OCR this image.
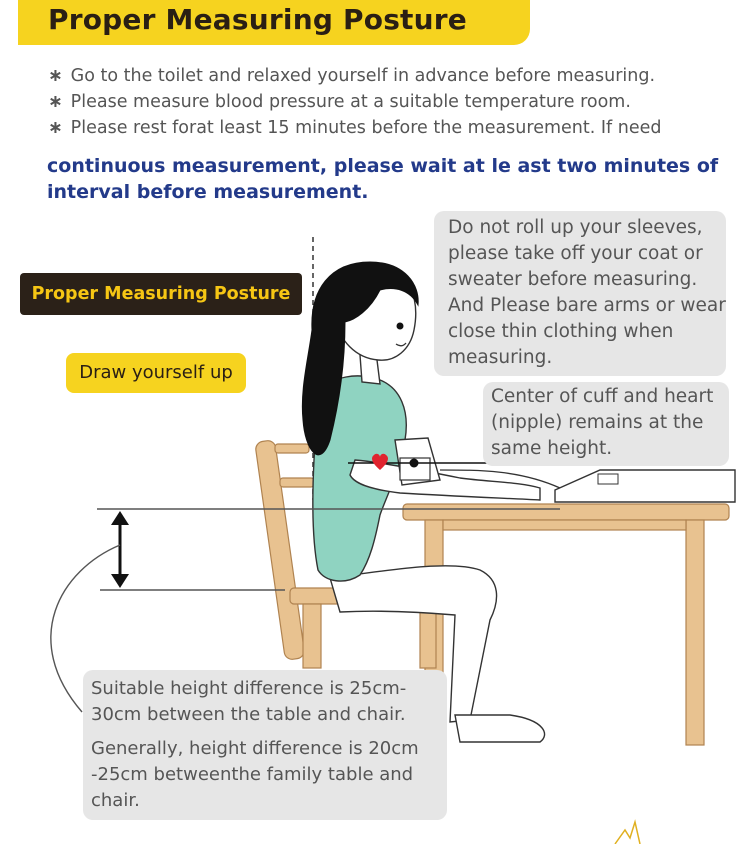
Proper Measuring Posture
∗ Go to the toilet and relaxed yourself in advance before measuring.
∗ Please measure blood pressure at a suitable temperature room.
∗ Please rest forat least 15 minutes before the measurement. If need
continuous measurement, please wait at le ast two minutes of interval before measurement.
Proper Measuring Posture
Draw yourself up
Do not roll up your sleeves, please take off your coat or sweater before measuring. And Please bare arms or wear close thin clothing when measuring.
Center of cuff and heart (nipple) remains at the same height.
Suitable height difference is 25cm-30cm between the table and chair.
Generally, height difference is 20cm -25cm betweenthe family table and chair.
